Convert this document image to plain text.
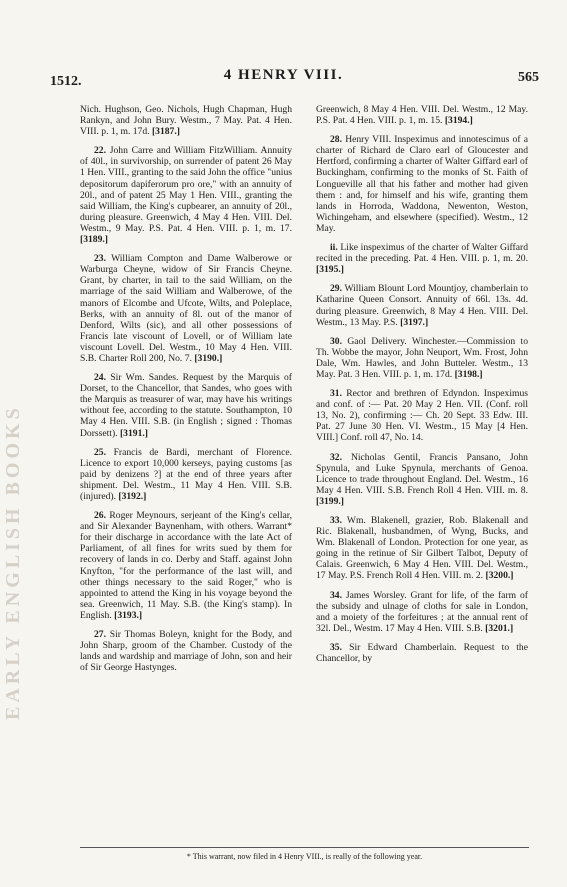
EARLY ENGLISH BOOKS
1512.	4 HENRY VIII.	565

Nich. Hughson, Geo. Nichols, Hugh Chapman, Hugh Rankyn, and John Bury. Westm., 7 May. Pat. 4 Hen. VIII. p. 1, m. 17d. [3187.]

22. John Carre and William FitzWilliam. Annuity of 40l., in survivorship, on surrender of patent 26 May 1 Hen. VIII., granting to the said John the office "unius depositorum dapiferorum pro ore," with an annuity of 20l., and of patent 25 May 1 Hen. VIII., granting the said William, the King's cupbearer, an annuity of 20l., during pleasure. Greenwich, 4 May 4 Hen. VIII. Del. Westm., 9 May. P.S. Pat. 4 Hen. VIII. p. 1, m. 17. [3189.]

23. William Compton and Dame Walberowe or Warburga Cheyne, widow of Sir Francis Cheyne. Grant, by charter, in tail to the said William, on the marriage of the said William and Walberowe, of the manors of Elcombe and Ufcote, Wilts, and Poleplace, Berks, with an annuity of 8l. out of the manor of Denford, Wilts (sic), and all other possessions of Francis late viscount of Lovell, or of William late viscount Lovell. Del. Westm., 10 May 4 Hen. VIII. S.B. Charter Roll 200, No. 7. [3190.]

24. Sir Wm. Sandes. Request by the Marquis of Dorset, to the Chancellor, that Sandes, who goes with the Marquis as treasurer of war, may have his writings without fee, according to the statute. Southampton, 10 May 4 Hen. VIII. S.B. (in English ; signed : Thomas Dorssett). [3191.]

25. Francis de Bardi, merchant of Florence. Licence to export 10,000 kerseys, paying customs [as paid by denizens ?] at the end of three years after shipment. Del. Westm., 11 May 4 Hen. VIII. S.B. (injured). [3192.]

26. Roger Meynours, serjeant of the King's cellar, and Sir Alexander Baynenham, with others. Warrant* for their discharge in accordance with the late Act of Parliament, of all fines for writs sued by them for recovery of lands in co. Derby and Staff. against John Knyfton, "for the performance of the last will, and other things necessary to the said Roger," who is appointed to attend the King in his voyage beyond the sea. Greenwich, 11 May. S.B. (the King's stamp). In English. [3193.]

27. Sir Thomas Boleyn, knight for the Body, and John Sharp, groom of the Chamber. Custody of the lands and wardship and marriage of John, son and heir of Sir George Hastynges.

Greenwich, 8 May 4 Hen. VIII. Del. Westm., 12 May. P.S. Pat. 4 Hen. VIII. p. 1, m. 15. [3194.]

28. Henry VIII. Inspeximus and innotescimus of a charter of Richard de Claro earl of Gloucester and Hertford, confirming a charter of Walter Giffard earl of Buckingham, confirming to the monks of St. Faith of Longueville all that his father and mother had given them : and, for himself and his wife, granting them lands in Horroda, Waddona, Newenton, Weston, Wichingeham, and elsewhere (specified). Westm., 12 May.

ii. Like inspeximus of the charter of Walter Giffard recited in the preceding. Pat. 4 Hen. VIII. p. 1, m. 20. [3195.]

29. William Blount Lord Mountjoy, chamberlain to Katharine Queen Consort. Annuity of 66l. 13s. 4d. during pleasure. Greenwich, 8 May 4 Hen. VIII. Del. Westm., 13 May. P.S. [3197.]

30. Gaol Delivery. Winchester.—Commission to Th. Wobbe the mayor, John Neuport, Wm. Frost, John Dale, Wm. Hawles, and John Butteler. Westm., 13 May. Pat. 3 Hen. VIII. p. 1, m. 17d. [3198.]

31. Rector and brethren of Edyndon. Inspeximus and conf. of :— Pat. 20 May 2 Hen. VII. (Conf. roll 13, No. 2), confirming :— Ch. 20 Sept. 33 Edw. III. Pat. 27 June 30 Hen. VI. Westm., 15 May [4 Hen. VIII.] Conf. roll 47, No. 14.

32. Nicholas Gentil, Francis Pansano, John Spynula, and Luke Spynula, merchants of Genoa. Licence to trade throughout England. Del. Westm., 16 May 4 Hen. VIII. S.B. French Roll 4 Hen. VIII. m. 8. [3199.]

33. Wm. Blakenell, grazier, Rob. Blakenall and Ric. Blakenall, husbandmen, of Wyng, Bucks, and Wm. Blakenall of London. Protection for one year, as going in the retinue of Sir Gilbert Talbot, Deputy of Calais. Greenwich, 6 May 4 Hen. VIII. Del. Westm., 17 May. P.S. French Roll 4 Hen. VIII. m. 2. [3200.]

34. James Worsley. Grant for life, of the farm of the subsidy and ulnage of cloths for sale in London, and a moiety of the forfeitures ; at the annual rent of 32l. Del., Westm. 17 May 4 Hen. VIII. S.B. [3201.]

35. Sir Edward Chamberlain. Request to the Chancellor, by

* This warrant, now filed in 4 Henry VIII., is really of the following year.
